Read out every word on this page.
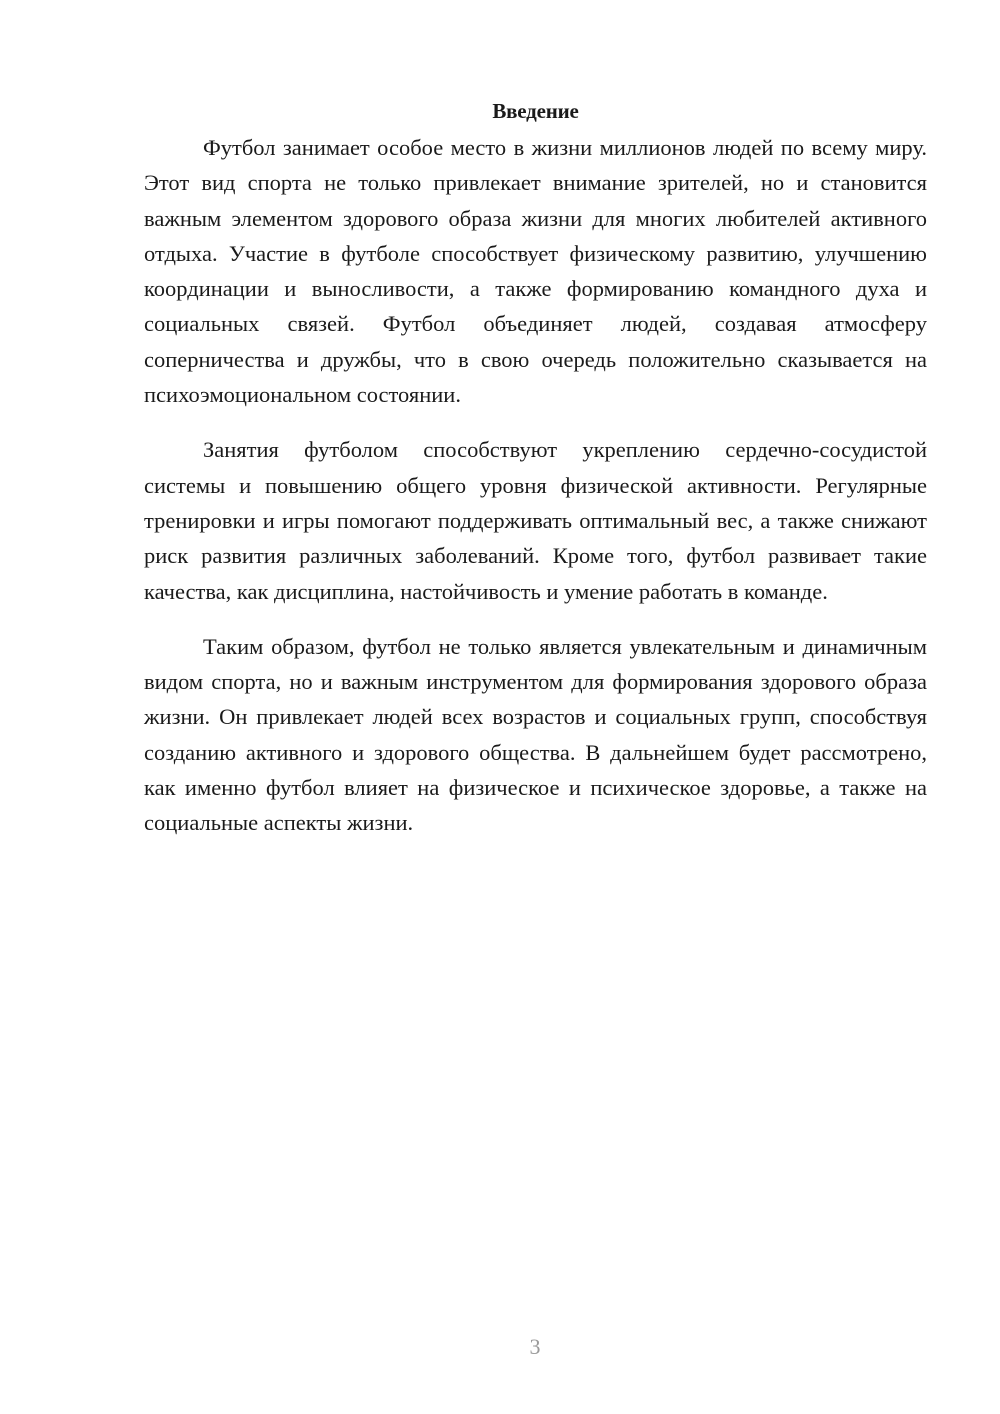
Введение

Футбол занимает особое место в жизни миллионов людей по всему миру. Этот вид спорта не только привлекает внимание зрителей, но и становится важным элементом здорового образа жизни для многих любителей активного отдыха. Участие в футболе способствует физическому развитию, улучшению координации и выносливости, а также формированию командного духа и социальных связей. Футбол объединяет людей, создавая атмосферу соперничества и дружбы, что в свою очередь положительно сказывается на психоэмоциональном состоянии.

Занятия футболом способствуют укреплению сердечно-сосудистой системы и повышению общего уровня физической активности. Регулярные тренировки и игры помогают поддерживать оптимальный вес, а также снижают риск развития различных заболеваний. Кроме того, футбол развивает такие качества, как дисциплина, настойчивость и умение работать в команде.

Таким образом, футбол не только является увлекательным и динамичным видом спорта, но и важным инструментом для формирования здорового образа жизни. Он привлекает людей всех возрастов и социальных групп, способствуя созданию активного и здорового общества. В дальнейшем будет рассмотрено, как именно футбол влияет на физическое и психическое здоровье, а также на социальные аспекты жизни.

3
